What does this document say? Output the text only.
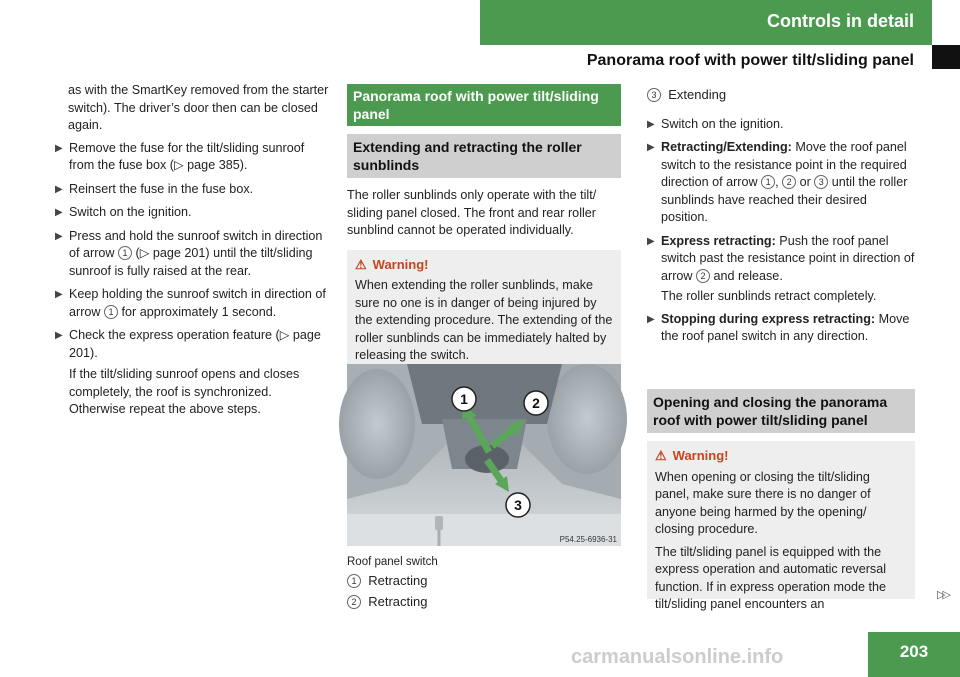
Controls in detail
Panorama roof with power tilt/sliding panel

as with the SmartKey removed from the starter switch). The driver’s door then can be closed again.

▶ Remove the fuse for the tilt/sliding sunroof from the fuse box (▷ page 385).
▶ Reinsert the fuse in the fuse box.
▶ Switch on the ignition.
▶ Press and hold the sunroof switch in direction of arrow 1 (▷ page 201) until the tilt/sliding sunroof is fully raised at the rear.
▶ Keep holding the sunroof switch in direction of arrow 1 for approximately 1 second.
▶ Check the express operation feature (▷ page 201).

If the tilt/sliding sunroof opens and closes completely, the roof is synchronized. Otherwise repeat the above steps.

Panorama roof with power tilt/sliding panel
Extending and retracting the roller sunblinds

The roller sunblinds only operate with the tilt/ sliding panel closed. The front and rear roller sunblind cannot be operated individually.

⚠ Warning!
When extending the roller sunblinds, make sure no one is in danger of being injured by the extending procedure. The extending of the roller sunblinds can be immediately halted by releasing the switch.
1	2
3
P54.25-6936-31
Roof panel switch
1 Retracting
2 Retracting
3 Extending
▶ Switch on the ignition.
▶ Retracting/Extending: Move the roof panel switch to the resistance point in the required direction of arrow 1 , 2 or 3 until the roller sunblinds have reached their desired position.
▶ Express retracting: Push the roof panel switch past the resistance point in direction of arrow 2 and release.

The roller sunblinds retract completely.

▶ Stopping during express retracting: Move the roof panel switch in any direction.
Opening and closing the panorama roof with power tilt/sliding panel
⚠ Warning!
When opening or closing the tilt/sliding panel, make sure there is no danger of anyone being harmed by the opening/ closing procedure.
The tilt/sliding panel is equipped with the express operation and automatic reversal function. If in express operation mode the tilt/sliding panel encounters an
▷▷
203
carmanualsonline.info
